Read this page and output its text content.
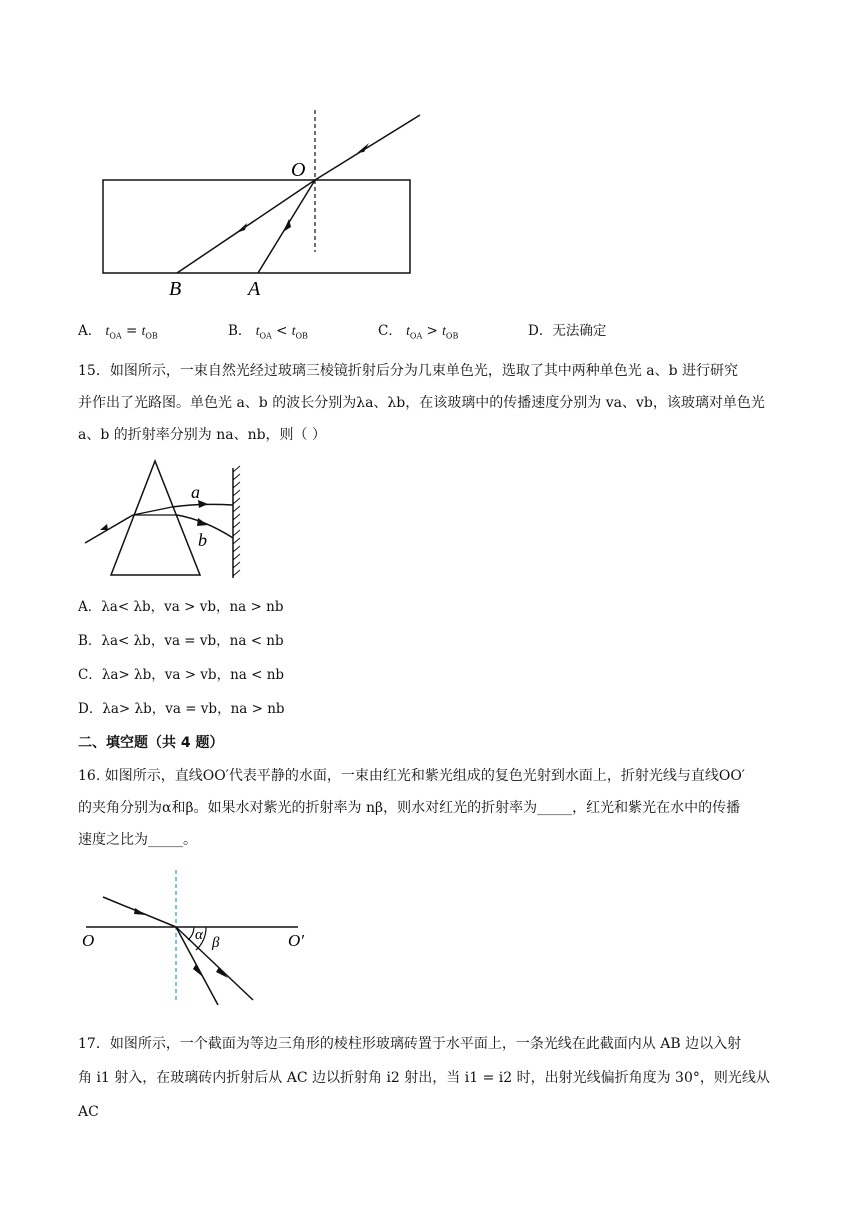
O
B	A
A． $t_{OA} = t_{OB}$	B． $t_{OA} < t_{OB}$	C． $t_{OA} > t_{OB}$	D．无法确定
15．如图所示，一束自然光经过玻璃三棱镜折射后分为几束单色光，选取了其中两种单色光 a、b 进行研究
并作出了光路图。单色光 a、b 的波长分别为λa、λb，在该玻璃中的传播速度分别为 va、vb，该玻璃对单色光
a、b 的折射率分别为 na、nb，则（ ）
a
b
A．λa< λb，va > vb，na > nb
B．λa< λb，va = vb，na < nb
C．λa> λb，va > vb，na < nb
D．λa> λb，va = vb，na > nb
二、填空题（共 4 题）
16. 如图所示，直线OO′代表平静的水面，一束由红光和紫光组成的复色光射到水面上，折射光线与直线OO′
的夹角分别为α和β。如果水对紫光的折射率为 nβ，则水对红光的折射率为_____，红光和紫光在水中的传播
速度之比为_____。
O	O′
α β
17．如图所示，一个截面为等边三角形的棱柱形玻璃砖置于水平面上，一条光线在此截面内从 AB 边以入射
角 i1 射入，在玻璃砖内折射后从 AC 边以折射角 i2 射出，当 i1 = i2 时，出射光线偏折角度为 30°，则光线从 AC
